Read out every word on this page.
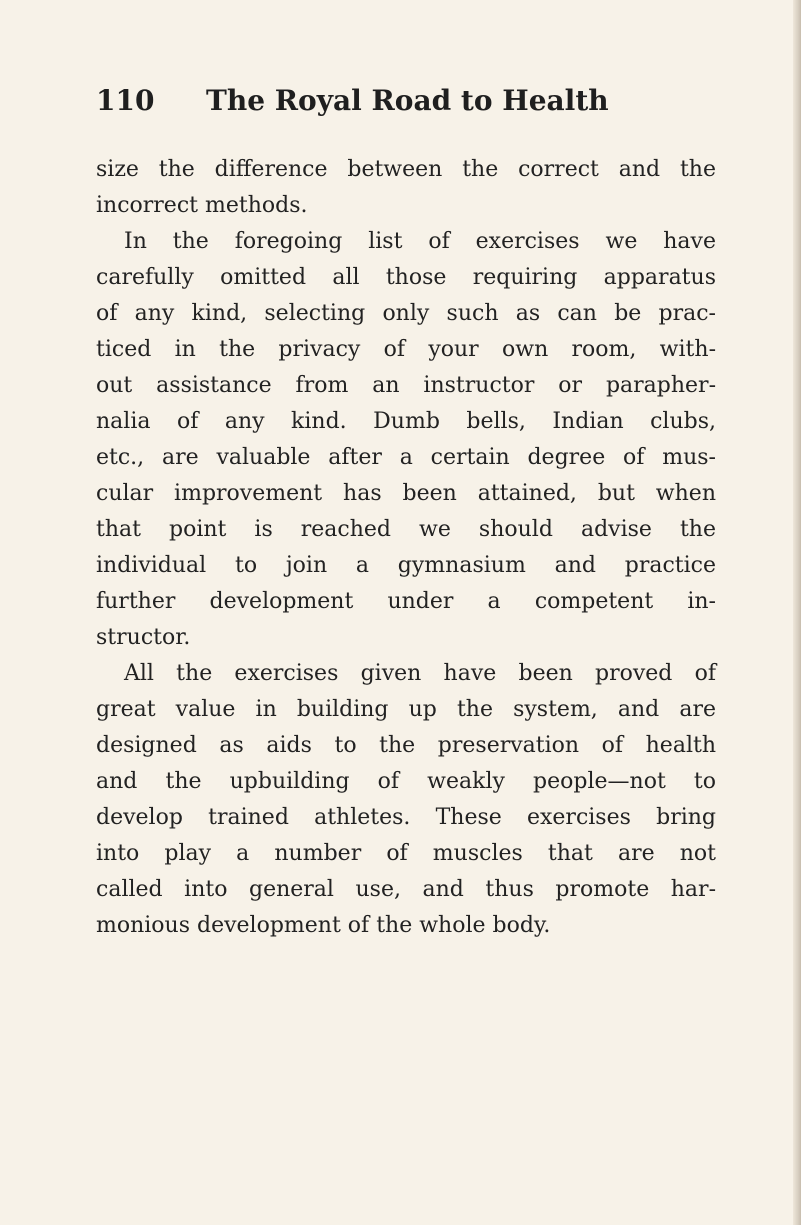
110 The Royal Road to Health
size the difference between the correct and the
incorrect methods.
In the foregoing list of exercises we have
carefully omitted all those requiring apparatus
of any kind, selecting only such as can be prac-
ticed in the privacy of your own room, with-
out assistance from an instructor or parapher-
nalia of any kind. Dumb bells, Indian clubs,
etc., are valuable after a certain degree of mus-
cular improvement has been attained, but when
that point is reached we should advise the
individual to join a gymnasium and practice
further development under a competent in-
structor.
All the exercises given have been proved of
great value in building up the system, and are
designed as aids to the preservation of health
and the upbuilding of weakly people—not to
develop trained athletes. These exercises bring
into play a number of muscles that are not
called into general use, and thus promote har-
monious development of the whole body.
